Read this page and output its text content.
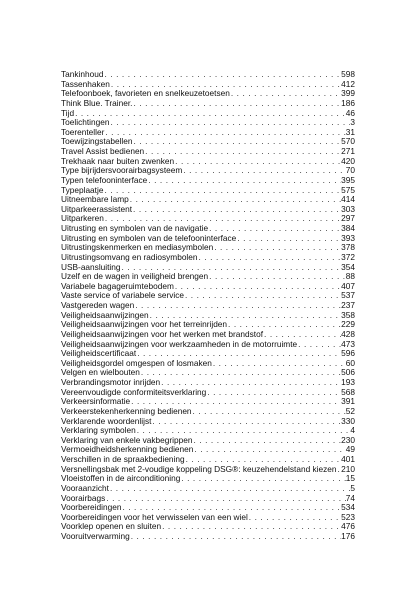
Tankinhoud . . .	598
Tassenhaken . . .	412
Telefoonboek, favorieten en snelkeuzetoetsen . . .	399
Think Blue. Trainer. . . .	186
Tijd . . .	46
Toelichtingen . . .	3
Toerenteller . . .	31
Toewijzingstabellen . . .	570
Travel Assist bedienen . . .	271
Trekhaak naar buiten zwenken . . .	420
Type bijrijdersvoorairbagsysteem . . .	70
Typen telefooninterface . . .	395
Typeplaatje . . .	575
Uitneembare lamp . . .	414
Uitparkeerassistent . . .	303
Uitparkeren . . .	297
Uitrusting en symbolen van de navigatie . . .	384
Uitrusting en symbolen van de telefooninterface . . .	393
Uitrustingskenmerken en mediasymbolen . . .	378
Uitrustingsomvang en radiosymbolen . . .	372
USB-aansluiting . . .	354
Uzelf en de wagen in veiligheid brengen . . .	88
Variabele bagageruimtebodem . . .	407
Vaste service of variabele service . . .	537
Vastgereden wagen . . .	237
Veiligheidsaanwijzingen . . .	358
Veiligheidsaanwijzingen voor het terreinrijden . . .	229
Veiligheidsaanwijzingen voor het werken met brandstof . . .	428
Veiligheidsaanwijzingen voor werkzaamheden in de motorruimte . . .	473
Veiligheidscertificaat . . .	596
Veiligheidsgordel omgespen of losmaken . . .	60
Velgen en wielbouten . . .	506
Verbrandingsmotor inrijden . . .	193
Vereenvoudigde conformiteitsverklaring . . .	568
Verkeersinformatie . . .	391
Verkeerstekenherkenning bedienen . . .	52
Verklarende woordenlijst . . .	330
Verklaring symbolen . . .	4
Verklaring van enkele vakbegrippen . . .	230
Vermoeidheidsherkenning bedienen . . .	49
Verschillen in de spraakbediening . . .	401
Versnellingsbak met 2-voudige koppeling DSG®: keuzehendelstand kiezen . . . 210
Vloeistoffen in de airconditioning . . .	15
Vooraanzicht . . .	5
Voorairbags . . .	74
Voorbereidingen . . .	534
Voorbereidingen voor het verwisselen van een wiel . . .	523
Voorklep openen en sluiten . . .	476
Vooruitverwarming . . .	176
